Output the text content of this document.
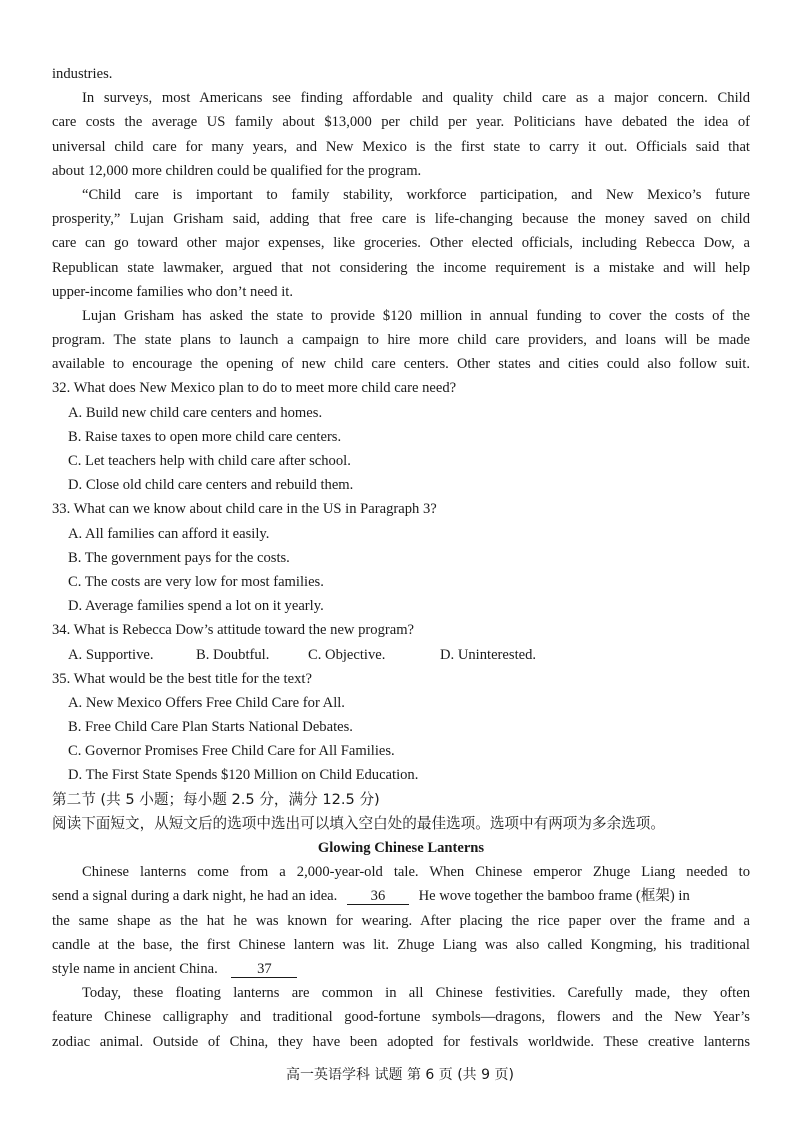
industries.
In surveys, most Americans see finding affordable and quality child care as a major concern. Child
care costs the average US family about $13,000 per child per year. Politicians have debated the idea of
universal child care for many years, and New Mexico is the first state to carry it out. Officials said that
about 12,000 more children could be qualified for the program.
“Child care is important to family stability, workforce participation, and New Mexico’s future
prosperity,” Lujan Grisham said, adding that free care is life-changing because the money saved on child
care can go toward other major expenses, like groceries. Other elected officials, including Rebecca Dow, a
Republican state lawmaker, argued that not considering the income requirement is a mistake and will help
upper-income families who don’t need it.
Lujan Grisham has asked the state to provide $120 million in annual funding to cover the costs of the
program. The state plans to launch a campaign to hire more child care providers, and loans will be made
available to encourage the opening of new child care centers. Other states and cities could also follow suit.
32. What does New Mexico plan to do to meet more child care need?
A. Build new child care centers and homes.
B. Raise taxes to open more child care centers.
C. Let teachers help with child care after school.
D. Close old child care centers and rebuild them.
33. What can we know about child care in the US in Paragraph 3?
A. All families can afford it easily.
B. The government pays for the costs.
C. The costs are very low for most families.
D. Average families spend a lot on it yearly.
34. What is Rebecca Dow’s attitude toward the new program?
A. Supportive.	B. Doubtful.	C. Objective.	D. Uninterested.
35. What would be the best title for the text?
A. New Mexico Offers Free Child Care for All.
B. Free Child Care Plan Starts National Debates.
C. Governor Promises Free Child Care for All Families.
D. The First State Spends $120 Million on Child Education.
第二节 (共 5 小题；每小题 2.5 分，满分 12.5 分)
阅读下面短文，从短文后的选项中选出可以填入空白处的最佳选项。选项中有两项为多余选项。
Glowing Chinese Lanterns
Chinese lanterns come from a 2,000-year-old tale. When Chinese emperor Zhuge Liang needed to
send a signal during a dark night, he had an idea. 36 He wove together the bamboo frame (框架) in
the same shape as the hat he was known for wearing. After placing the rice paper over the frame and a
candle at the base, the first Chinese lantern was lit. Zhuge Liang was also called Kongming, his traditional
style name in ancient China.	37
Today, these floating lanterns are common in all Chinese festivities. Carefully made, they often
feature Chinese calligraphy and traditional good-fortune symbols—dragons, flowers and the New Year’s
zodiac animal. Outside of China, they have been adopted for festivals worldwide. These creative lanterns
高一英语学科 试题 第 6 页 (共 9 页)
